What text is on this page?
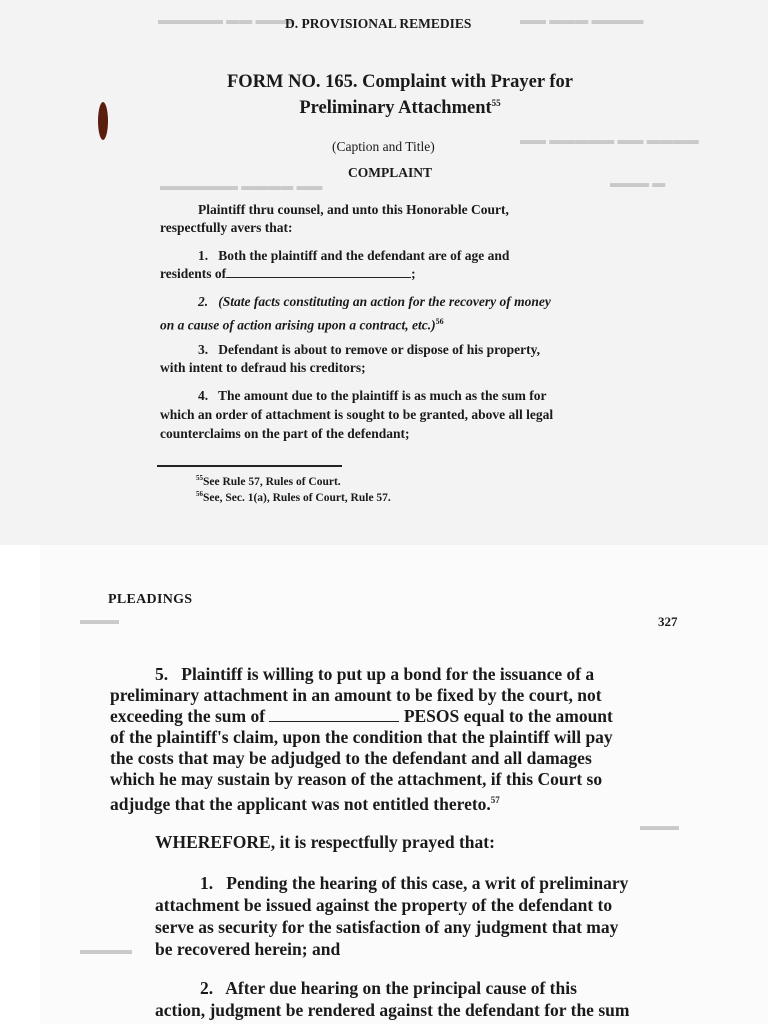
▬▬▬ ▬▬ ▬▬▬▬▬	▬▬▬▬ ▬▬▬ ▬▬
▬▬▬▬ ▬▬ ▬▬▬▬▬ ▬▬
▬▬ ▬▬▬▬ ▬▬▬▬▬▬	▬ ▬▬▬
▬▬▬
▬▬▬
▬▬▬▬
D. PROVISIONAL REMEDIES
FORM NO. 165. Complaint with Prayer for
Preliminary Attachment$^{55}$
(Caption and Title)
COMPLAINT
Plaintiff thru counsel, and unto this Honorable Court,
respectfully avers that:
1.   Both the plaintiff and the defendant are of age and
residents of	;
2.   (State facts constituting an action for the recovery of money
on a cause of action arising upon a contract, etc.)$^{56}$
3.   Defendant is about to remove or dispose of his property,
with intent to defraud his creditors;
4.   The amount due to the plaintiff is as much as the sum for
which an order of attachment is sought to be granted, above all legal
counterclaims on the part of the defendant;
$^{55}$See Rule 57, Rules of Court.
$^{56}$See, Sec. 1(a), Rules of Court, Rule 57.
PLEADINGS
327
5.   Plaintiff is willing to put up a bond for the issuance of a
preliminary attachment in an amount to be fixed by the court, not
exceeding the sum of	PESOS equal to the amount
of the plaintiff's claim, upon the condition that the plaintiff will pay
the costs that may be adjudged to the defendant and all damages
which he may sustain by reason of the attachment, if this Court so
adjudge that the applicant was not entitled thereto.$^{57}$
WHEREFORE, it is respectfully prayed that:
1.   Pending the hearing of this case, a writ of preliminary
attachment be issued against the property of the defendant to
serve as security for the satisfaction of any judgment that may
be recovered herein; and
2.   After due hearing on the principal cause of this
action, judgment be rendered against the defendant for the sum
